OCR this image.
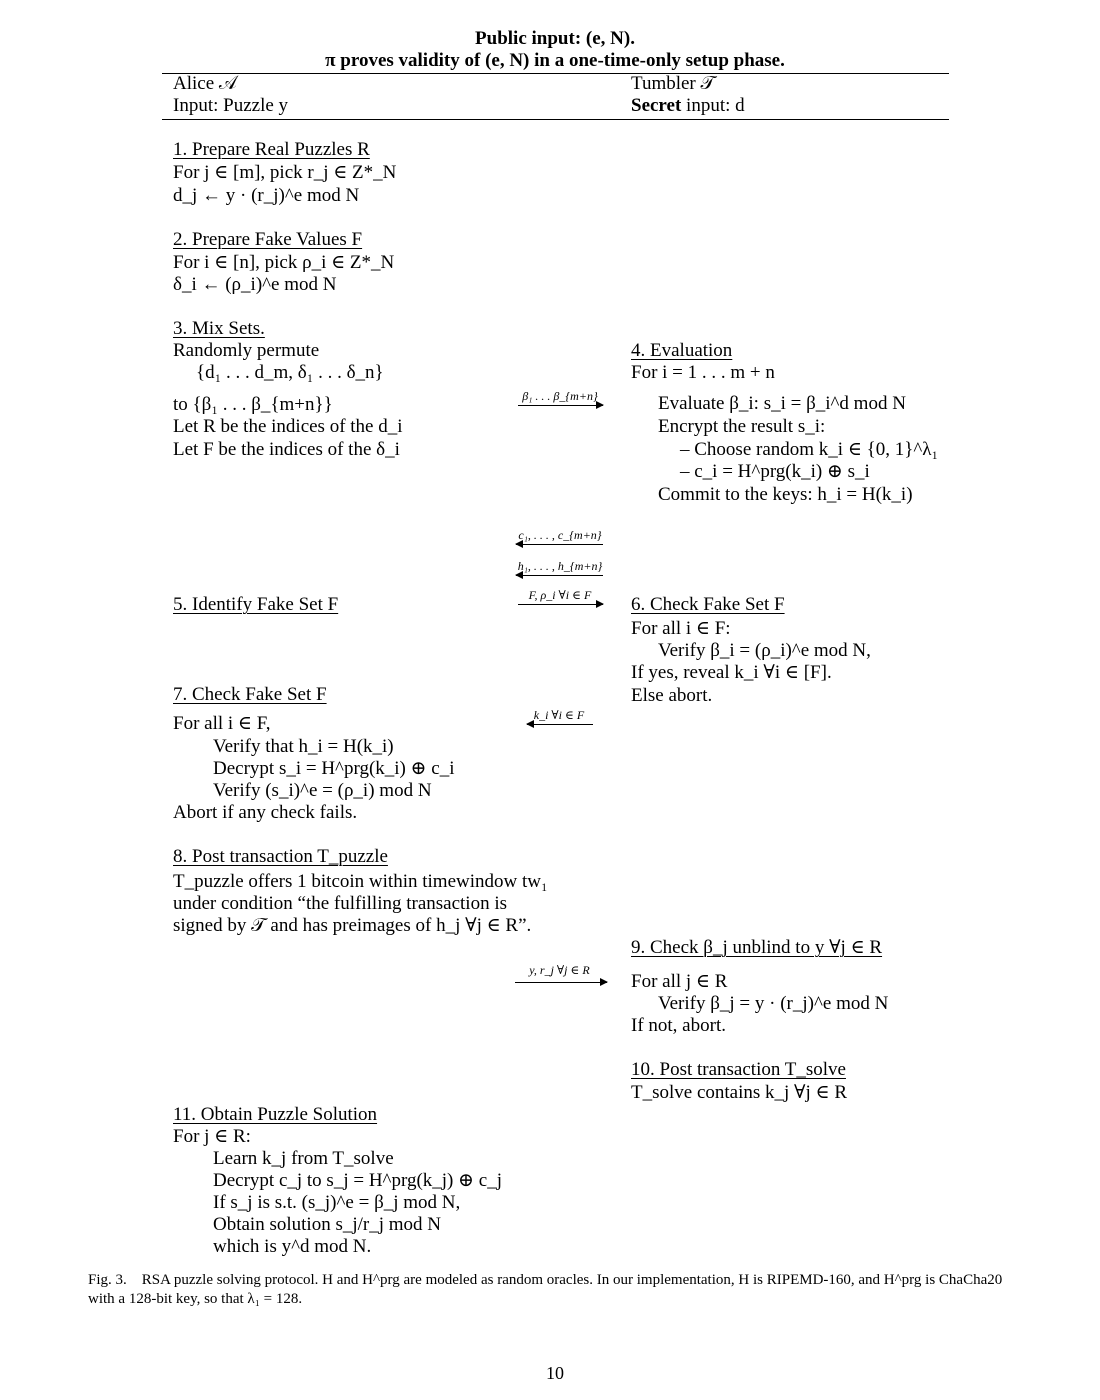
Public input: (e, N).
π proves validity of (e, N) in a one-time-only setup phase.
Alice 𝒜
Input: Puzzle y
Tumbler 𝒯
Secret input: d
1. Prepare Real Puzzles R
For j ∈ [m], pick r_j ∈ Z*_N
d_j ← y · (r_j)^e mod N
2. Prepare Fake Values F
For i ∈ [n], pick ρ_i ∈ Z*_N
δ_i ← (ρ_i)^e mod N
3. Mix Sets.
Randomly permute
{d₁ . . . d_m, δ₁ . . . δ_n}
to {β₁ . . . β_{m+n}}
Let R be the indices of the d_i
Let F be the indices of the δ_i
4. Evaluation
For i = 1 . . . m + n
Evaluate β_i: s_i = β_i^d mod N
Encrypt the result s_i:
– Choose random k_i ∈ {0, 1}^λ₁
– c_i = H^prg(k_i) ⊕ s_i
Commit to the keys: h_i = H(k_i)
β₁ . . . β_{m+n}
c₁, . . . , c_{m+n}
h₁, . . . , h_{m+n}
F, ρ_i ∀i ∈ F
k_i ∀i ∈ F
y, r_j ∀j ∈ R
5. Identify Fake Set F	6. Check Fake Set F
For all i ∈ F:
Verify β_i = (ρ_i)^e mod N,
If yes, reveal k_i ∀i ∈ [F].
Else abort.
7. Check Fake Set F
For all i ∈ F,
Verify that h_i = H(k_i)
Decrypt s_i = H^prg(k_i) ⊕ c_i
Verify (s_i)^e = (ρ_i) mod N
Abort if any check fails.
8. Post transaction T_puzzle
T_puzzle offers 1 bitcoin within timewindow tw₁
under condition “the fulfilling transaction is
signed by 𝒯 and has preimages of h_j ∀j ∈ R”.
9. Check β_j unblind to y ∀j ∈ R
For all j ∈ R
Verify β_j = y · (r_j)^e mod N
If not, abort.
10. Post transaction T_solve
T_solve contains k_j ∀j ∈ R
11. Obtain Puzzle Solution
For j ∈ R:
Learn k_j from T_solve
Decrypt c_j to s_j = H^prg(k_j) ⊕ c_j
If s_j is s.t. (s_j)^e = β_j mod N,
Obtain solution s_j/r_j mod N
which is y^d mod N.
Fig. 3. RSA puzzle solving protocol. H and H^prg are modeled as random oracles. In our implementation, H is RIPEMD-160, and H^prg is ChaCha20 with a 128-bit key, so that λ₁ = 128.
10
